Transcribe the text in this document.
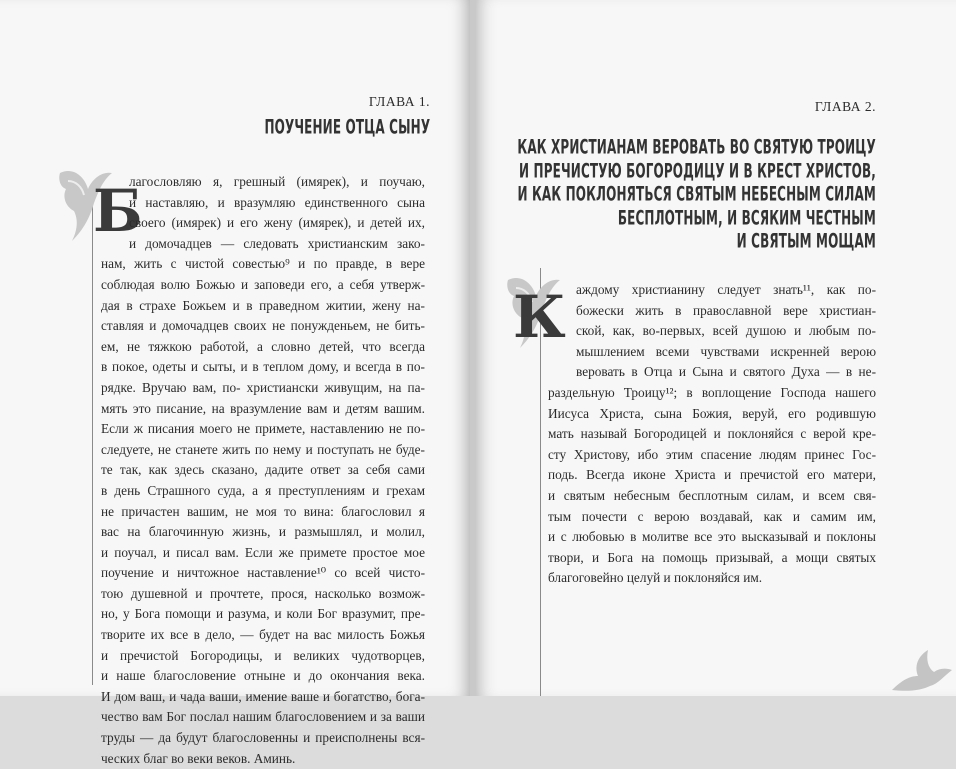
ГЛАВА 1.
ПОУЧЕНИЕ ОТЦА СЫНУ
Б
лагословляю я, грешный (имярек), и поучаю,
и наставляю, и вразумляю единственного сына
своего (имярек) и его жену (имярек), и детей их,
и домочадцев — следовать христианским зако-
нам, жить с чистой совестью⁹ и по правде, в вере
соблюдая волю Божью и заповеди его, а себя утверж-
дая в страхе Божьем и в праведном житии, жену на-
ставляя и домочадцев своих не понужденьем, не бить-
ем, не тяжкою работой, а словно детей, что всегда
в покое, одеты и сыты, и в теплом дому, и всегда в по-
рядке. Вручаю вам, по- христиански живущим, на па-
мять это писание, на вразумление вам и детям вашим.
Если ж писания моего не примете, наставлению не по-
следуете, не станете жить по нему и поступать не буде-
те так, как здесь сказано, дадите ответ за себя сами
в день Страшного суда, а я преступлениям и грехам
не причастен вашим, не моя то вина: благословил я
вас на благочинную жизнь, и размышлял, и молил,
и поучал, и писал вам. Если же примете простое мое
поучение и ничтожное наставление¹⁰ со всей чисто-
тою душевной и прочтете, прося, насколько возмож-
но, у Бога помощи и разума, и коли Бог вразумит, пре-
творите их все в дело, — будет на вас милость Божья
и пречистой Богородицы, и великих чудотворцев,
и наше благословение отныне и до окончания века.
И дом ваш, и чада ваши, имение ваше и богатство, бога-
чество вам Бог послал нашим благословением и за ваши
труды — да будут благословенны и преисполнены вся-
ческих благ во веки веков. Аминь.
ГЛАВА 2.
КАК ХРИСТИАНАМ ВЕРОВАТЬ ВО СВЯТУЮ ТРОИЦУ
И ПРЕЧИСТУЮ БОГОРОДИЦУ И В КРЕСТ ХРИСТОВ,
И КАК ПОКЛОНЯТЬСЯ СВЯТЫМ НЕБЕСНЫМ СИЛАМ
БЕСПЛОТНЫМ, И ВСЯКИМ ЧЕСТНЫМ
И СВЯТЫМ МОЩАМ
К аждому христианину следует знать¹¹, как по-
божески жить в православной вере христиан-
ской, как, во-первых, всей душою и любым по-
мышлением всеми чувствами искренней верою
веровать в Отца и Сына и святого Духа — в не-
раздельную Троицу¹²; в воплощение Господа нашего
Иисуса Христа, сына Божия, веруй, его родившую
мать называй Богородицей и поклоняйся с верой кре-
сту Христову, ибо этим спасение людям принес Гос-
подь. Всегда иконе Христа и пречистой его матери,
и святым небесным бесплотным силам, и всем свя-
тым почести с верою воздавай, как и самим им,
и с любовью в молитве все это высказывай и поклоны
твори, и Бога на помощь призывай, а мощи святых
благоговейно целуй и поклоняйся им.
